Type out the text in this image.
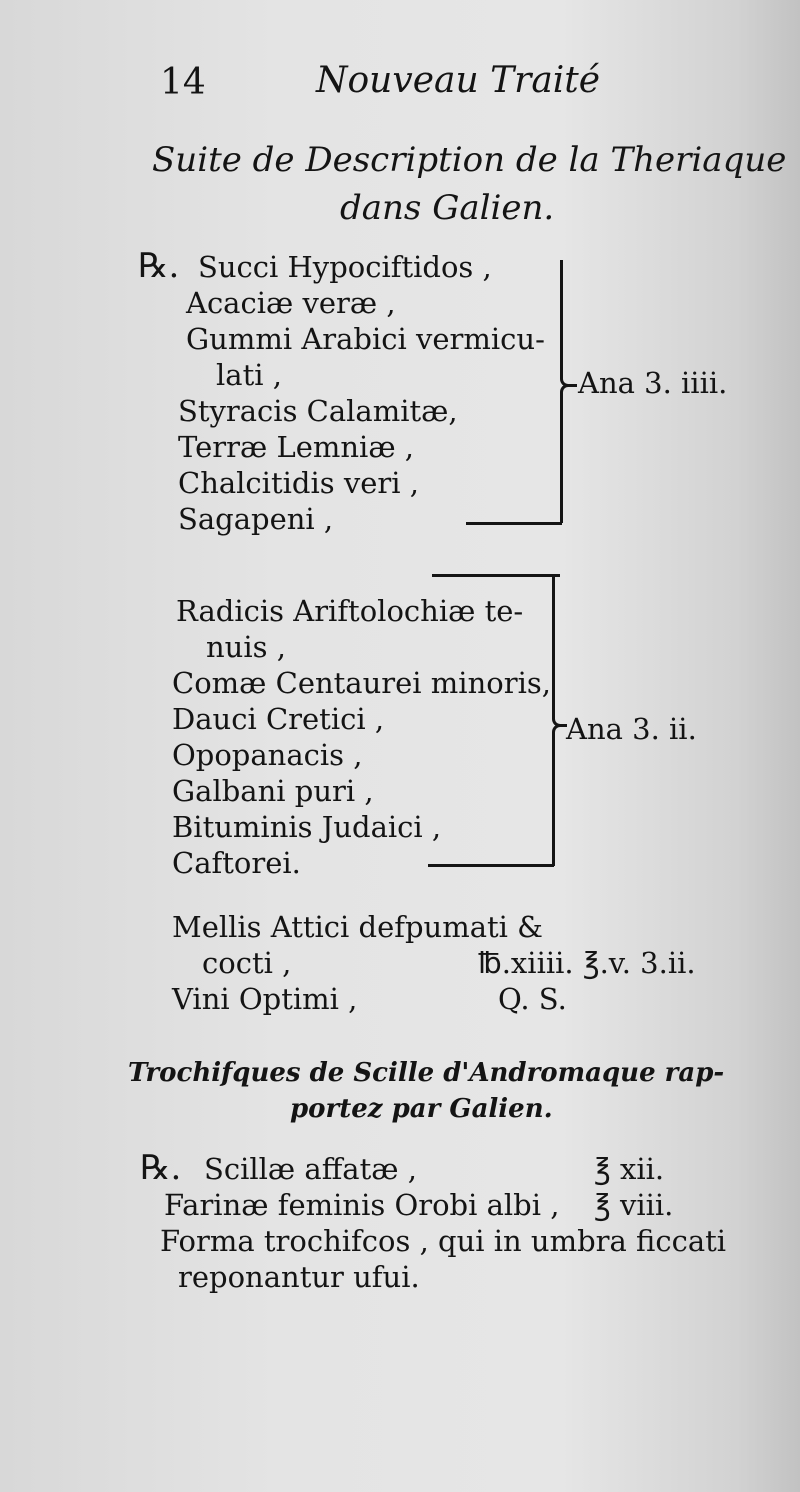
14	Nouveau Traité
Suite de Description de la Theriaque
dans Galien.
℞. Succi Hypociftidos ,
Acaciæ veræ ,
Gummi Arabici vermicu-
lati ,
Styracis Calamitæ,
Terræ Lemniæ ,
Chalcitidis veri ,
Sagapeni ,
Ana 3. iiii.
Radicis Ariftolochiæ te-
nuis ,
Comæ Centaurei minoris,
Dauci Cretici ,
Opopanacis ,
Galbani puri ,
Bituminis Judaici ,
Caftorei.
Ana 3. ii.
Mellis Attici defpumati &
cocti ,	℔.xiiii. ℥.v. 3.ii.
Vini Optimi ,	Q. S.
Trochifques de Scille d'Andromaque rap-
portez par Galien.
℞. Scillæ affatæ ,	℥ xii.
Farinæ feminis Orobi albi , ℥ viii.
Forma trochifcos , qui in umbra ficcati
reponantur ufui.
